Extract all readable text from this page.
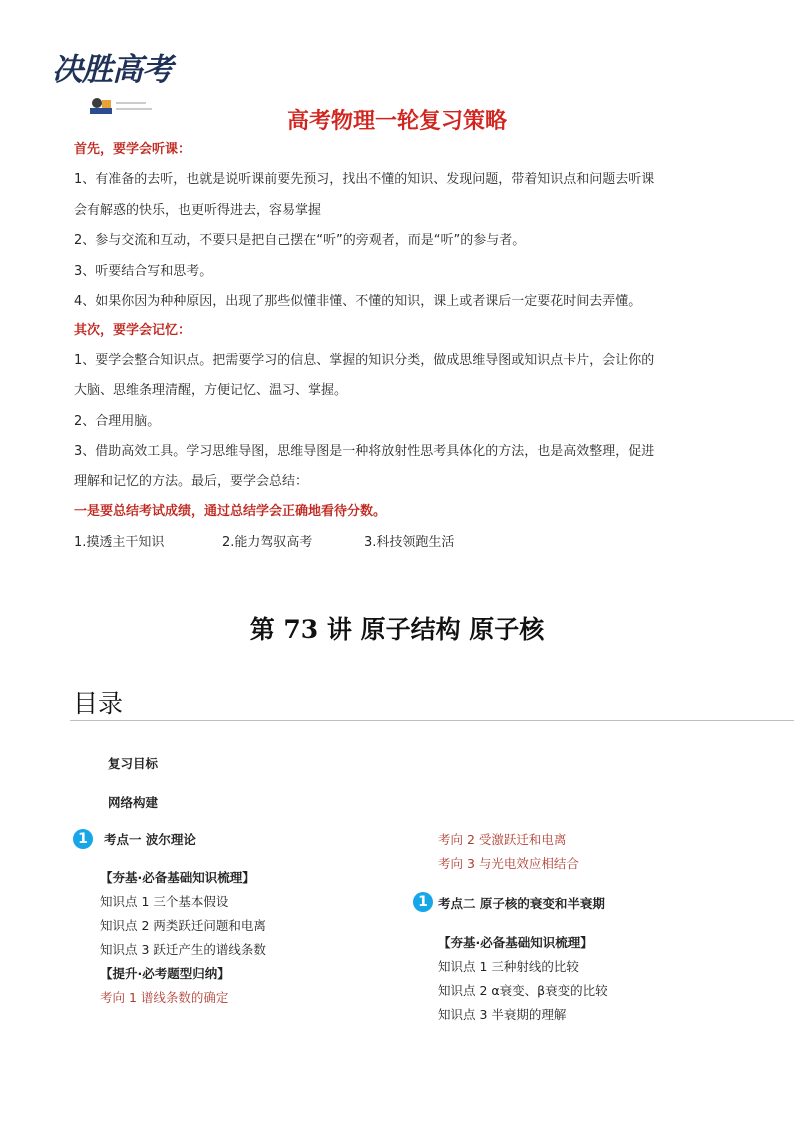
决胜高考
高考物理一轮复习策略
首先，要学会听课：
1、有准备的去听，也就是说听课前要先预习，找出不懂的知识、发现问题，带着知识点和问题去听课
会有解惑的快乐，也更听得进去，容易掌握
2、参与交流和互动，不要只是把自己摆在“听”的旁观者，而是“听”的参与者。
3、听要结合写和思考。
4、如果你因为种种原因，出现了那些似懂非懂、不懂的知识，课上或者课后一定要花时间去弄懂。
其次，要学会记忆：
1、要学会整合知识点。把需要学习的信息、掌握的知识分类，做成思维导图或知识点卡片，会让你的
大脑、思维条理清醒，方便记忆、温习、掌握。
2、合理用脑。
3、借助高效工具。学习思维导图，思维导图是一种将放射性思考具体化的方法，也是高效整理，促进
理解和记忆的方法。最后，要学会总结：
一是要总结考试成绩，通过总结学会正确地看待分数。
1.摸透主干知识	2.能力驾驭高考	3.科技领跑生活
第 73 讲 原子结构 原子核
目录
复习目标
网络构建
1	考点一 波尔理论
【夯基·必备基础知识梳理】
知识点 1 三个基本假设
知识点 2 两类跃迁问题和电离
知识点 3 跃迁产生的谱线条数
【提升·必考题型归纳】
考向 1 谱线条数的确定
考向 2 受激跃迁和电离
考向 3 与光电效应相结合
1 考点二 原子核的衰变和半衰期
【夯基·必备基础知识梳理】
知识点 1 三种射线的比较
知识点 2 α衰变、β衰变的比较
知识点 3 半衰期的理解
